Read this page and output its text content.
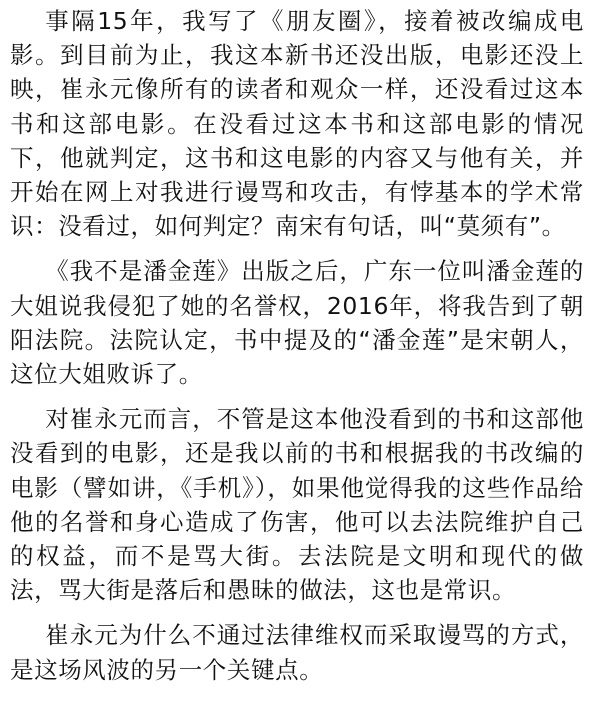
事隔15年，我写了《朋友圈》，接着被改编成电影。到目前为止，我这本新书还没出版，电影还没上映，崔永元像所有的读者和观众一样，还没看过这本书和这部电影。在没看过这本书和这部电影的情况下，他就判定，这书和这电影的内容又与他有关，并开始在网上对我进行谩骂和攻击，有悖基本的学术常识：没看过，如何判定？南宋有句话，叫“莫须有”。

《我不是潘金莲》出版之后，广东一位叫潘金莲的大姐说我侵犯了她的名誉权，2016年，将我告到了朝阳法院。法院认定，书中提及的“潘金莲”是宋朝人，这位大姐败诉了。

对崔永元而言，不管是这本他没看到的书和这部他没看到的电影，还是我以前的书和根据我的书改编的电影（譬如讲，《手机》），如果他觉得我的这些作品给他的名誉和身心造成了伤害，他可以去法院维护自己的权益，而不是骂大街。去法院是文明和现代的做法，骂大街是落后和愚昧的做法，这也是常识。

崔永元为什么不通过法律维权而采取谩骂的方式，是这场风波的另一个关键点。
